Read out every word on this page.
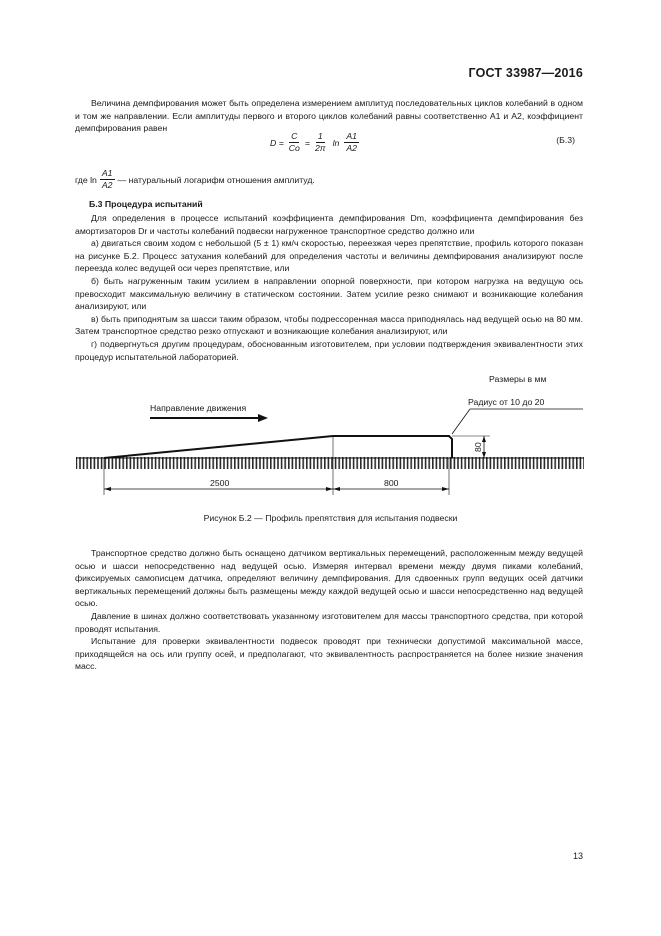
ГОСТ 33987—2016

Величина демпфирования может быть определена измерением амплитуд последовательных циклов колебаний в одном и том же направлении. Если амплитуды первого и второго циклов колебаний равны соответственно A1 и A2, коэффициент демпфирования равен

$D = \frac{C}{Co} = \frac{1}{2\pi}$ $\ln \frac{A1}{A2}$	(Б.3)
где $\ln \frac{A1}{A2}$ — натуральный логарифм отношения амплитуд.
Б.3 Процедура испытаний

Для определения в процессе испытаний коэффициента демпфирования Dm, коэффициента демпфирования без амортизаторов Dr и частоты колебаний подвески нагруженное транспортное средство должно или

а) двигаться своим ходом с небольшой (5 ± 1) км/ч скоростью, переезжая через препятствие, профиль которого показан на рисунке Б.2. Процесс затухания колебаний для определения частоты и величины демпфирования анализируют после переезда колес ведущей оси через препятствие, или

б) быть нагруженным таким усилием в направлении опорной поверхности, при котором нагрузка на ведущую ось превосходит максимальную величину в статическом состоянии. Затем усилие резко снимают и возникающие колебания анализируют, или

в) быть приподнятым за шасси таким образом, чтобы подрессоренная масса приподнялась над ведущей осью на 80 мм. Затем транспортное средство резко отпускают и возникающие колебания анализируют, или

г) подвергнуться другим процедурам, обоснованным изготовителем, при условии подтверждения эквивалентности этих процедур испытательной лабораторией.

Направление движения
Размеры в мм
Радиус от 10 до 20
80
2500	800
Рисунок Б.2 — Профиль препятствия для испытания подвески

Транспортное средство должно быть оснащено датчиком вертикальных перемещений, расположенным между ведущей осью и шасси непосредственно над ведущей осью. Измеряя интервал времени между двумя пиками колебаний, фиксируемых самописцем датчика, определяют величину демпфирования. Для сдвоенных групп ведущих осей датчики вертикальных перемещений должны быть размещены между каждой ведущей осью и шасси непосредственно над ведущей осью.

Давление в шинах должно соответствовать указанному изготовителем для массы транспортного средства, при которой проводят испытания.

Испытание для проверки эквивалентности подвесок проводят при технически допустимой максимальной массе, приходящейся на ось или группу осей, и предполагают, что эквивалентность распространяется на более низкие значения масс.

13
